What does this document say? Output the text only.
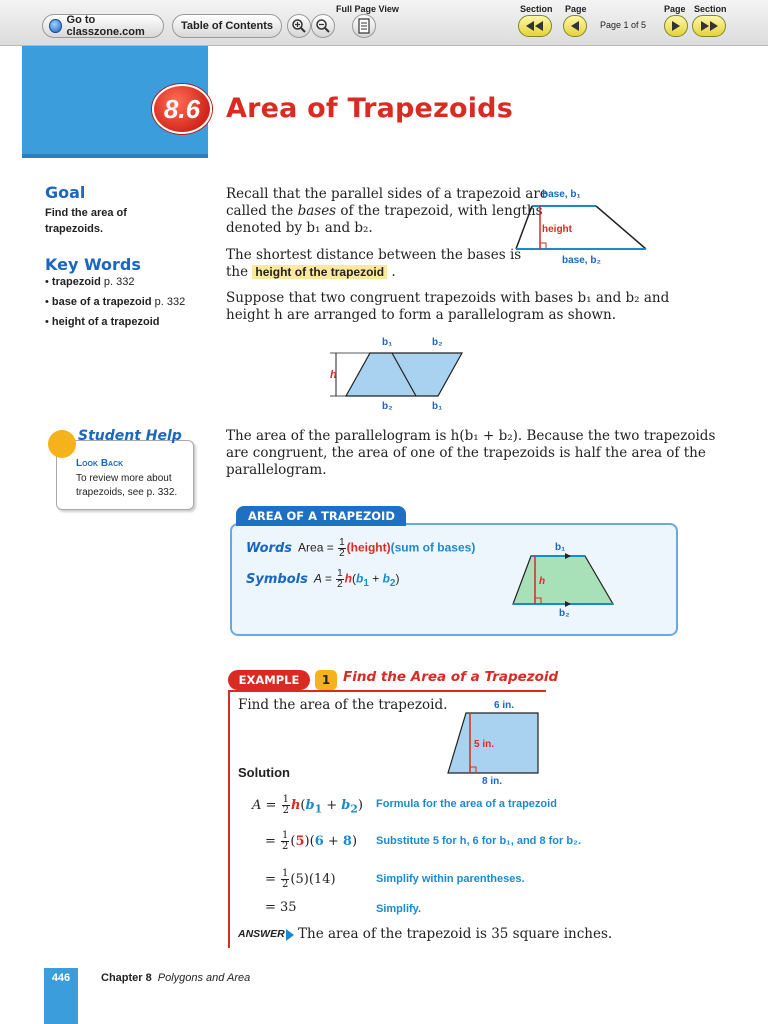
Go to classzone.com	Table of Contents
Full Page View	Section Page
Page 1 of 5
Page Section
8.6 Area of Trapezoids
Goal
Find the area of trapezoids.
Key Words
• trapezoid p. 332
• base of a trapezoid p. 332
• height of a trapezoid
Student Help
Look Back
To review more about trapezoids, see p. 332.
Recall that the parallel sides of a trapezoid are
called the bases of the trapezoid, with lengths
denoted by b₁ and b₂.
The shortest distance between the bases is
the height of the trapezoid .
Suppose that two congruent trapezoids with bases b₁ and b₂ and
height h are arranged to form a parallelogram as shown.
base, b₁
height
base, b₂
h
b₁	b₂
b₂	b₁
The area of the parallelogram is h(b₁ + b₂). Because the two trapezoids
are congruent, the area of one of the trapezoids is half the area of the
parallelogram.
AREA OF A TRAPEZOID
Words Area = $\frac{1}{2}$ (height)(sum of bases)
Symbols $A = \frac{1}{2} h(b_1 + b_2)$
b₁
h
b₂
EXAMPLE	1 Find the Area of a Trapezoid
Find the area of the trapezoid.	6 in.
5 in.
8 in.
Solution
$A = \frac{1}{2} h(b_1 + b_2)$ Formula for the area of a trapezoid
= $\frac{1}{2} (5)(6 + 8)$ Substitute 5 for h, 6 for b₁, and 8 for b₂.
= $\frac{1}{2} (5)(14)$	Simplify within parentheses.
= 35	Simplify.
ANSWER The area of the trapezoid is 35 square inches.
446	Chapter 8 Polygons and Area
